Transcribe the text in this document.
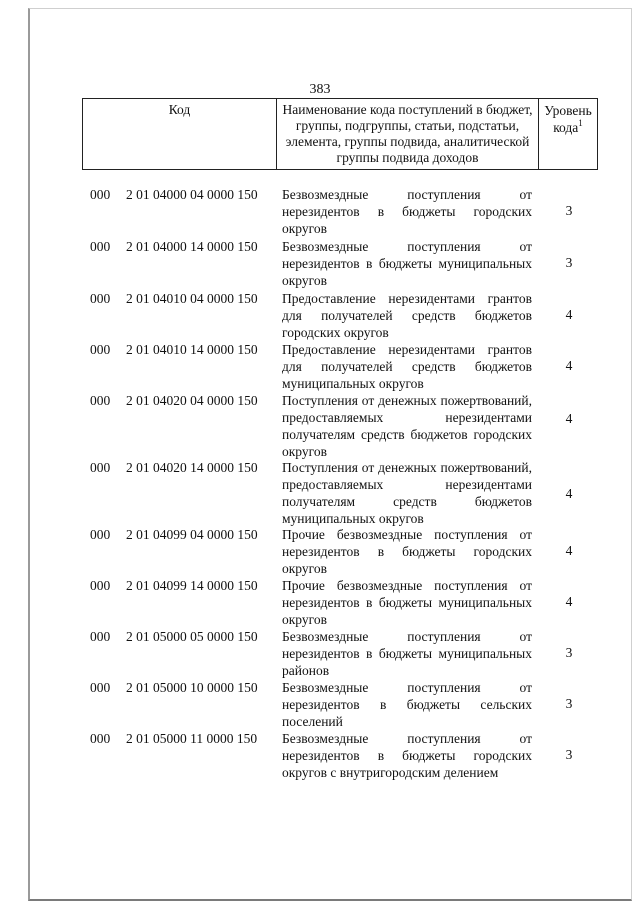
383
Код	Наименование кода поступлений в бюджет, группы, подгруппы, статьи, подстатьи, элемента, группы подвида, аналитической группы подвида доходов
Уровень кода$^1$
000 2 01 04000 04 0000 150 Безвозмездные поступления от нерезидентов в бюджеты городских округов
3
000 2 01 04000 14 0000 150 Безвозмездные поступления от нерезидентов в бюджеты муниципальных округов
3
000 2 01 04010 04 0000 150 Предоставление нерезидентами грантов для получателей средств бюджетов городских округов
4
000 2 01 04010 14 0000 150 Предоставление нерезидентами грантов для получателей средств бюджетов муниципальных округов
4
000 2 01 04020 04 0000 150 Поступления от денежных пожертвований, предоставляемых нерезидентами получателям средств бюджетов городских округов
4
000 2 01 04020 14 0000 150 Поступления от денежных пожертвований, предоставляемых нерезидентами получателям средств бюджетов муниципальных округов
4
000 2 01 04099 04 0000 150 Прочие безвозмездные поступления от нерезидентов в бюджеты городских округов
4
000 2 01 04099 14 0000 150 Прочие безвозмездные поступления от нерезидентов в бюджеты муниципальных округов
4
000 2 01 05000 05 0000 150 Безвозмездные поступления от нерезидентов в бюджеты муниципальных районов
3
000 2 01 05000 10 0000 150 Безвозмездные поступления от нерезидентов в бюджеты сельских поселений
3
000 2 01 05000 11 0000 150 Безвозмездные поступления от нерезидентов в бюджеты городских округов с внутригородским делением
3
